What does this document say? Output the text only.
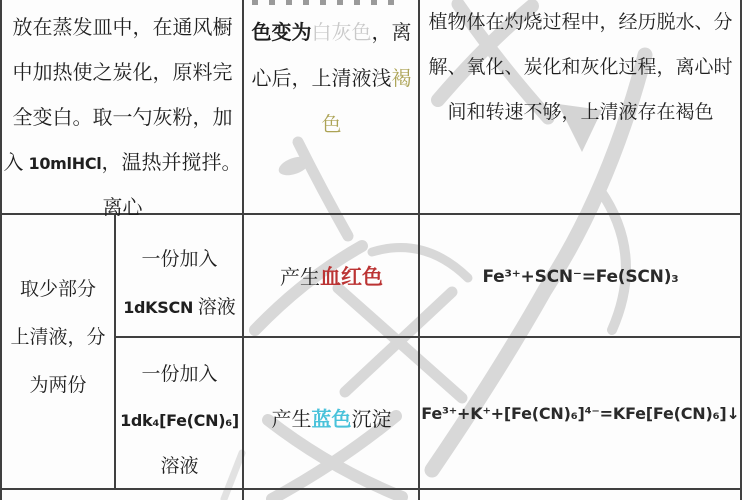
放在蒸发皿中，在通风橱
中加热使之炭化，原料完
全变白。取一勺灰粉，加
入 10mlHCl，温热并搅拌。
离心
色变为白灰色，离
心后，上清液浅褐
色
植物体在灼烧过程中，经历脱水、分
解、氧化、炭化和灰化过程，离心时
间和转速不够，上清液存在褐色
取少部分
上清液，分
为两份
一份加入
1dKSCN 溶液
产生血红色	Fe³⁺+SCN⁻=Fe(SCN)₃
一份加入
1dk₄[Fe(CN)₆]
溶液
产生蓝色沉淀	Fe³⁺+K⁺+[Fe(CN)₆]⁴⁻=KFe[Fe(CN)₆]↓
